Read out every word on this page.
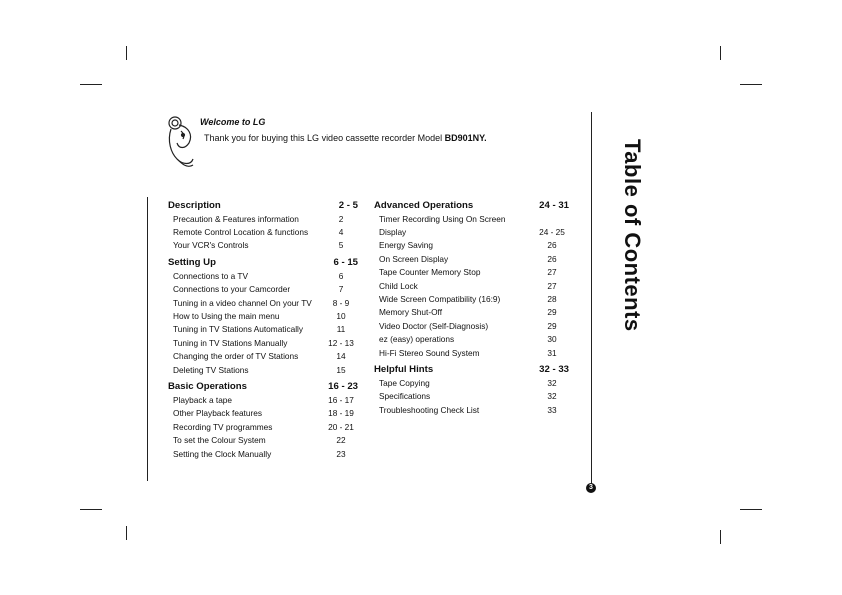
Welcome to LG
Thank you for buying this LG video cassette recorder Model BD901NY.
Description	2 - 5
Precaution & Features information	2
Remote Control Location & functions	4
Your VCR's Controls	5
Setting Up	6 - 15
Connections to a TV	6
Connections to your Camcorder	7
Tuning in a video channel On your TV	8 - 9
How to Using the main menu	10
Tuning in TV Stations Automatically	11
Tuning in TV Stations Manually	12 - 13
Changing the order of TV Stations	14
Deleting TV Stations	15
Basic Operations	16 - 23
Playback a tape	16 - 17
Other Playback features	18 - 19
Recording TV programmes	20 - 21
To set the Colour System	22
Setting the Clock Manually	23
Advanced Operations	24 - 31
Timer Recording Using On Screen
Display	24 - 25
Energy Saving	26
On Screen Display	26
Tape Counter Memory Stop	27
Child Lock	27
Wide Screen Compatibility (16:9)	28
Memory Shut-Off	29
Video Doctor (Self-Diagnosis)	29
ez (easy) operations	30
Hi-Fi Stereo Sound System	31
Helpful Hints	32 - 33
Tape Copying	32
Specifications	32
Troubleshooting Check List	33
Table of Contents
3
